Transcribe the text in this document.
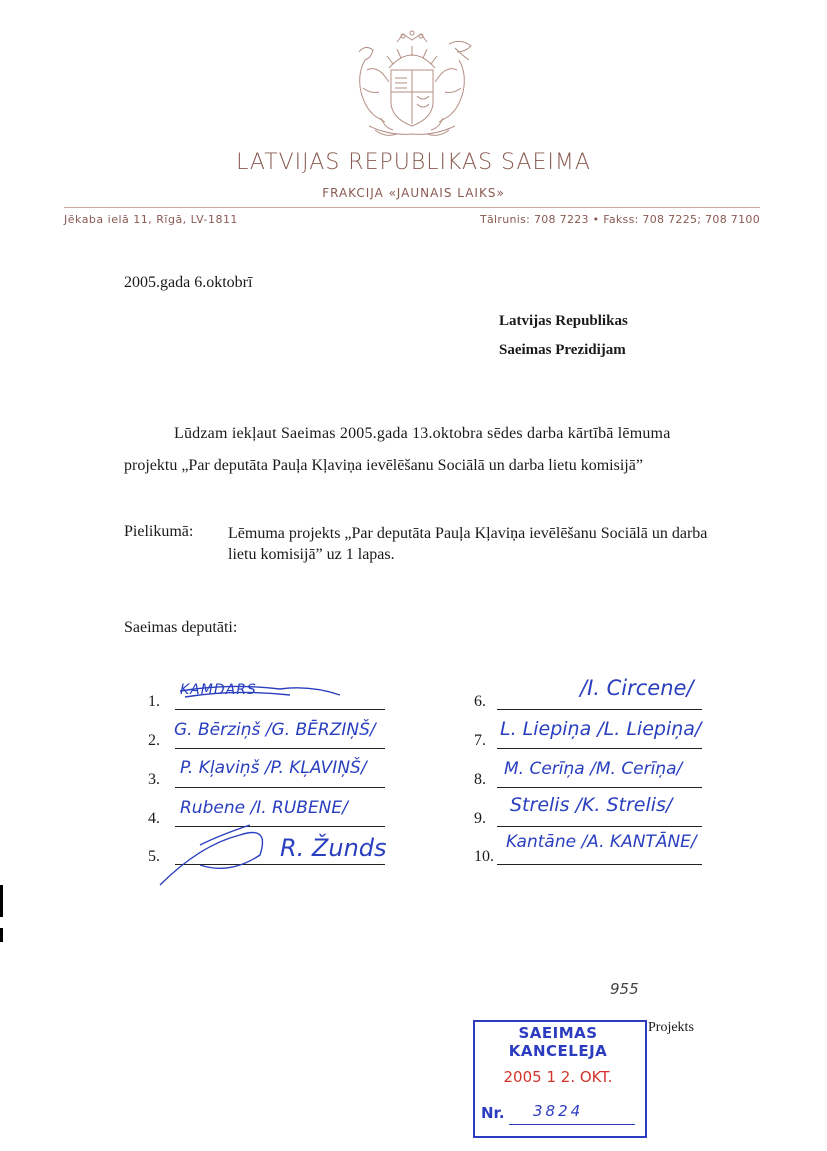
LATVIJAS REPUBLIKAS SAEIMA
FRAKCIJA «JAUNAIS LAIKS»
Jēkaba ielā 11, Rīgā, LV-1811	Tālrunis: 708 7223 • Fakss: 708 7225; 708 7100
2005.gada 6.oktobrī
Latvijas Republikas
Saeimas Prezidijam
Lūdzam iekļaut Saeimas 2005.gada 13.oktobra sēdes darba kārtībā lēmuma
projektu „Par deputāta Pauļa Kļaviņa ievēlēšanu Sociālā un darba lietu komisijā”
Pielikumā: Lēmuma projekts „Par deputāta Pauļa Kļaviņa ievēlēšanu Sociālā un darba lietu komisijā” uz 1 lapas.
Saeimas deputāti:
1.
KAMDARS
2.
G. Bērziņš /G. BĒRZIŅŠ/
3.
P. Kļaviņš /P. KĻAVIŅŠ/
4.
Rubene /I. RUBENE/
5.	R. Žunds
6.
/I. Circene/
7.
L. Liepiņa /L. Liepiņa/
8.
M. Cerīņa /M. Cerīņa/
9.
Strelis /K. Strelis/
10.
Kantāne /A. KANTĀNE/
955
SAEIMAS KANCELEJA
2005 1 2. OKT.
Nr. 3824
Projekts
